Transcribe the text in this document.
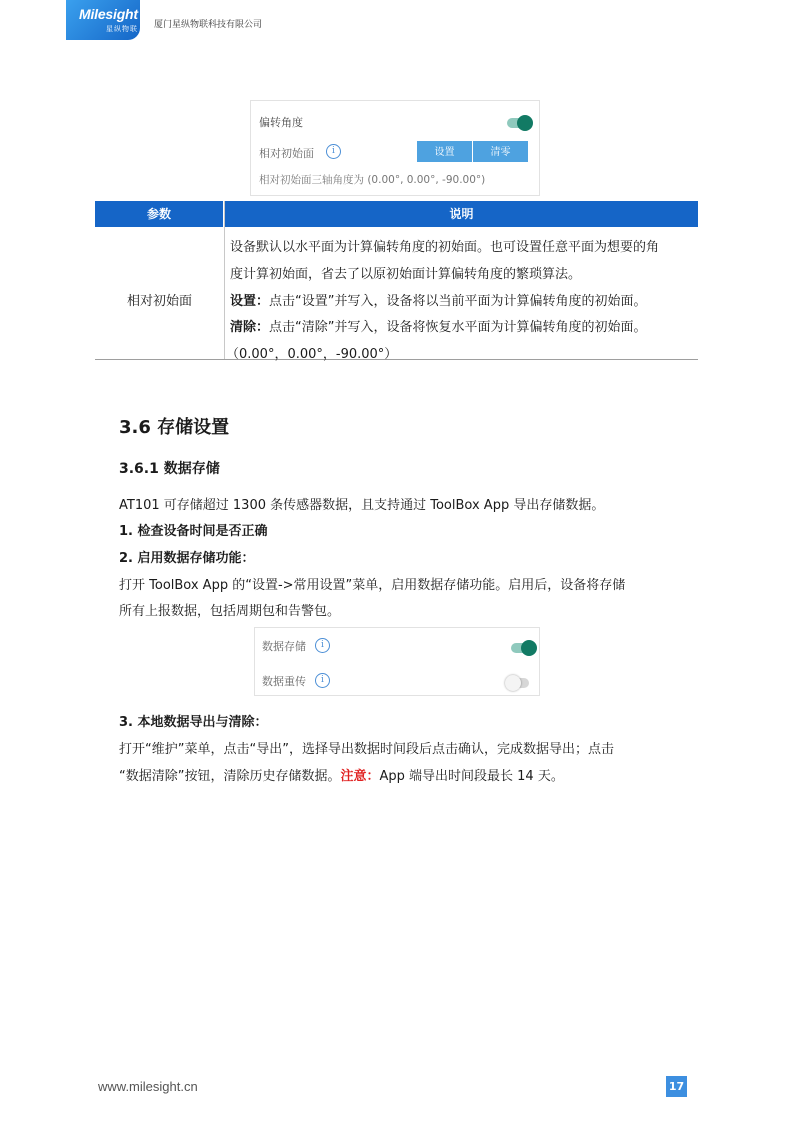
Milesight
星纵物联 厦门星纵物联科技有限公司
偏转角度
相对初始面	i	设置	清零
相对初始面三轴角度为 (0.00°, 0.00°, -90.00°)
参数	说明
相对初始面
设备默认以水平面为计算偏转角度的初始面。也可设置任意平面为想要的角
度计算初始面，省去了以原初始面计算偏转角度的繁琐算法。
设置：点击“设置”并写入，设备将以当前平面为计算偏转角度的初始面。
清除：点击“清除”并写入，设备将恢复水平面为计算偏转角度的初始面。
（0.00°，0.00°，-90.00°）
3.6 存储设置
3.6.1 数据存储
AT101 可存储超过 1300 条传感器数据，且支持通过 ToolBox App 导出存储数据。
1. 检查设备时间是否正确
2. 启用数据存储功能：
打开 ToolBox App 的“设置->常用设置”菜单，启用数据存储功能。启用后，设备将存储
所有上报数据，包括周期包和告警包。
数据存储	i
数据重传	i
3. 本地数据导出与清除：
打开“维护”菜单，点击“导出”，选择导出数据时间段后点击确认，完成数据导出；点击
“数据清除”按钮，清除历史存储数据。注意：App 端导出时间段最长 14 天。
www.milesight.cn	17
